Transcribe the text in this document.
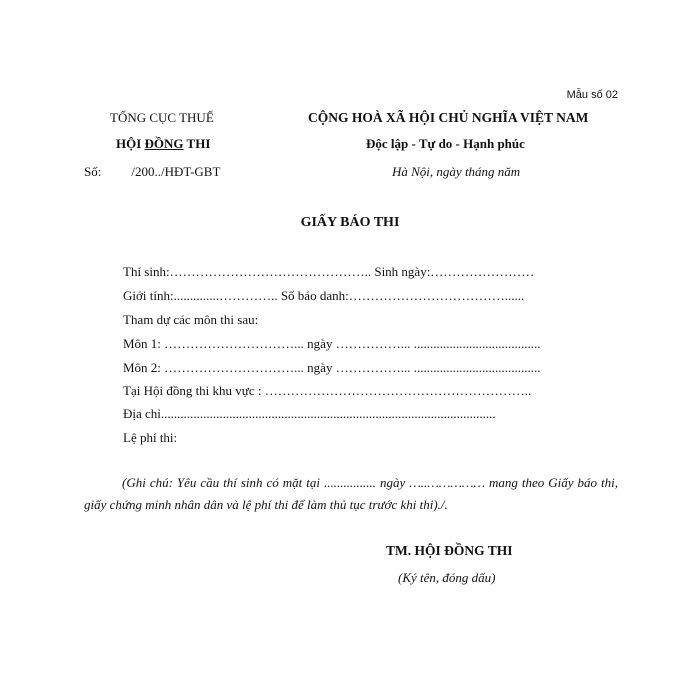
Mẫu số 02
TỔNG CỤC THUẾ
HỘI ĐỒNG THI
Số: /200../HĐT-GBT
CỘNG HOÀ XÃ HỘI CHỦ NGHĨA VIỆT NAM
Độc lập - Tự do - Hạnh phúc
Hà Nội, ngày tháng năm
GIẤY BÁO THI
Thí sinh:……………………………………….. Sinh ngày:……………………
Giới tính:..............………….. Số báo danh:………………………………......
Tham dự các môn thi sau:
Môn 1: …………………………... ngày ……………... .......................................
Môn 2: …………………………... ngày ……………... .......................................
Tại Hội đồng thi khu vực : ……………………………………………………..
Địa chỉ.......................................................................................................
Lệ phí thi:
(Ghi chú: Yêu cầu thí sinh có mặt tại ................ ngày …..…………… mang theo Giấy báo thi, giấy chứng minh nhân dân và lệ phí thi để làm thủ tục trước khi thi)./.
TM. HỘI ĐỒNG THI
(Ký tên, đóng dấu)
